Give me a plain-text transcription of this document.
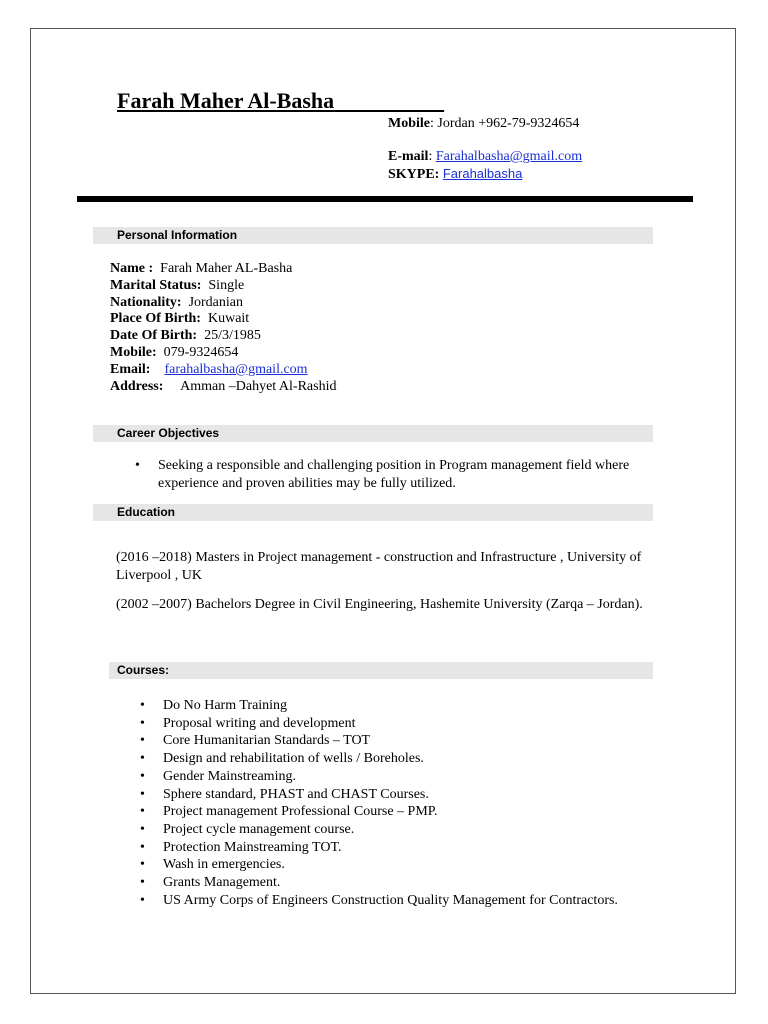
Farah Maher Al-Basha
Mobile: Jordan +962-79-9324654
E-mail: Farahalbasha@gmail.com
SKYPE: Farahalbasha
Personal Information
Name : Farah Maher AL-Basha
Marital Status: Single
Nationality: Jordanian
Place Of Birth: Kuwait
Date Of Birth: 25/3/1985
Mobile: 079-9324654
Email: farahalbasha@gmail.com
Address: Amman –Dahyet Al-Rashid
Career Objectives
• Seeking a responsible and challenging position in Program management field where experience and proven abilities may be fully utilized.
Education
(2016 –2018) Masters in Project management - construction and Infrastructure , University of Liverpool , UK
(2002 –2007) Bachelors Degree in Civil Engineering, Hashemite University (Zarqa – Jordan).
Courses:
• Do No Harm Training
• Proposal writing and development
• Core Humanitarian Standards – TOT
• Design and rehabilitation of wells / Boreholes.
• Gender Mainstreaming.
• Sphere standard, PHAST and CHAST Courses.
• Project management Professional Course – PMP.
• Project cycle management course.
• Protection Mainstreaming TOT.
• Wash in emergencies.
• Grants Management.
• US Army Corps of Engineers Construction Quality Management for Contractors.
